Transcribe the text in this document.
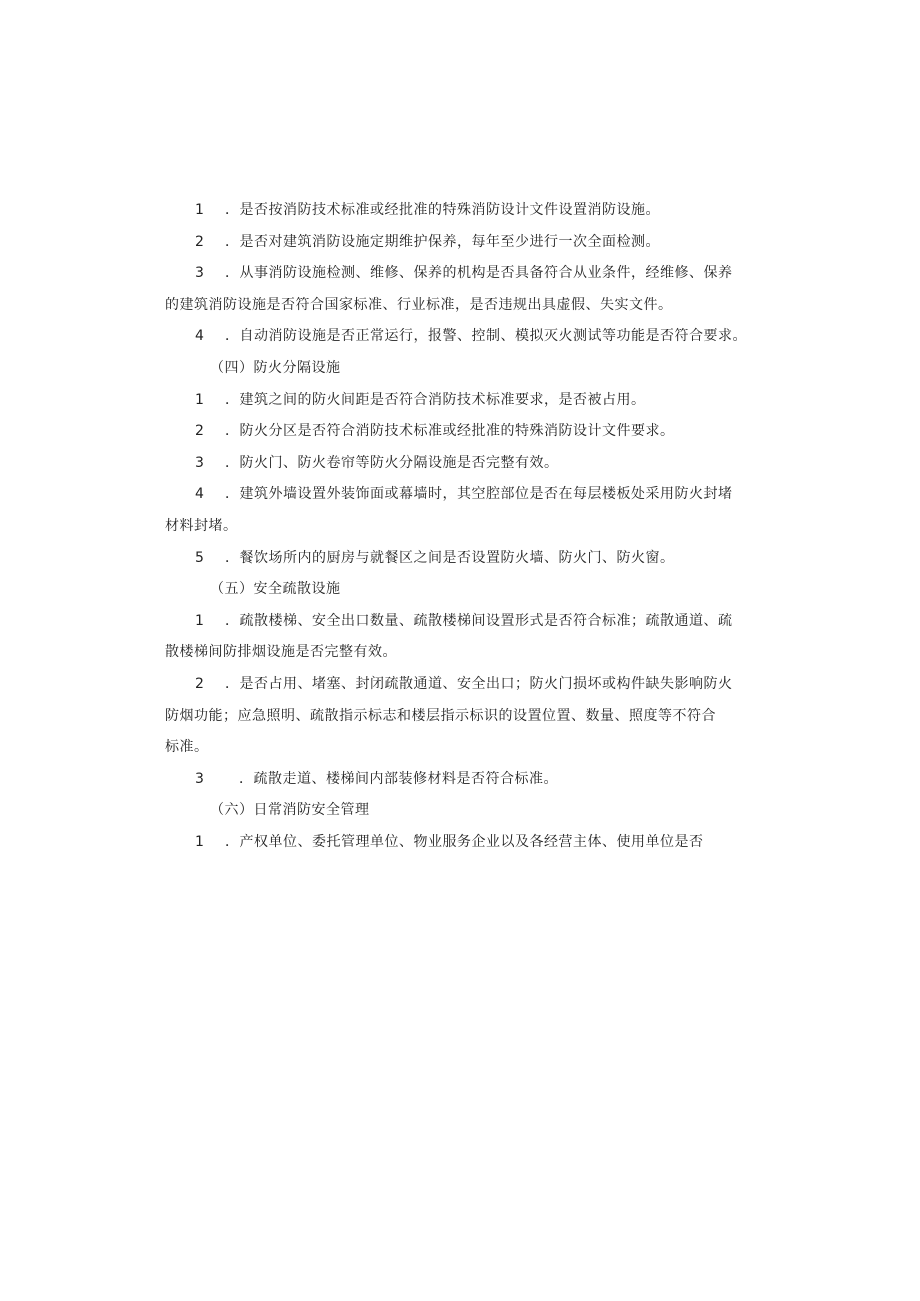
1 ．是否按消防技术标准或经批准的特殊消防设计文件设置消防设施。

2 ．是否对建筑消防设施定期维护保养，每年至少进行一次全面检测。

3 ．从事消防设施检测、维修、保养的机构是否具备符合从业条件，经维修、保养

的建筑消防设施是否符合国家标准、行业标准，是否违规出具虚假、失实文件。

4 ．自动消防设施是否正常运行，报警、控制、模拟灭火测试等功能是否符合要求。

（四）防火分隔设施

1 ．建筑之间的防火间距是否符合消防技术标准要求，是否被占用。

2 ．防火分区是否符合消防技术标准或经批准的特殊消防设计文件要求。

3 ．防火门、防火卷帘等防火分隔设施是否完整有效。

4 ．建筑外墙设置外装饰面或幕墙时，其空腔部位是否在每层楼板处采用防火封堵

材料封堵。

5 ．餐饮场所内的厨房与就餐区之间是否设置防火墙、防火门、防火窗。

（五）安全疏散设施

1 ．疏散楼梯、安全出口数量、疏散楼梯间设置形式是否符合标准；疏散通道、疏

散楼梯间防排烟设施是否完整有效。

2 ．是否占用、堵塞、封闭疏散通道、安全出口；防火门损坏或构件缺失影响防火

防烟功能；应急照明、疏散指示标志和楼层指示标识的设置位置、数量、照度等不符合

标准。

3 ．疏散走道、楼梯间内部装修材料是否符合标准。

（六）日常消防安全管理

1 ．产权单位、委托管理单位、物业服务企业以及各经营主体、使用单位是否
